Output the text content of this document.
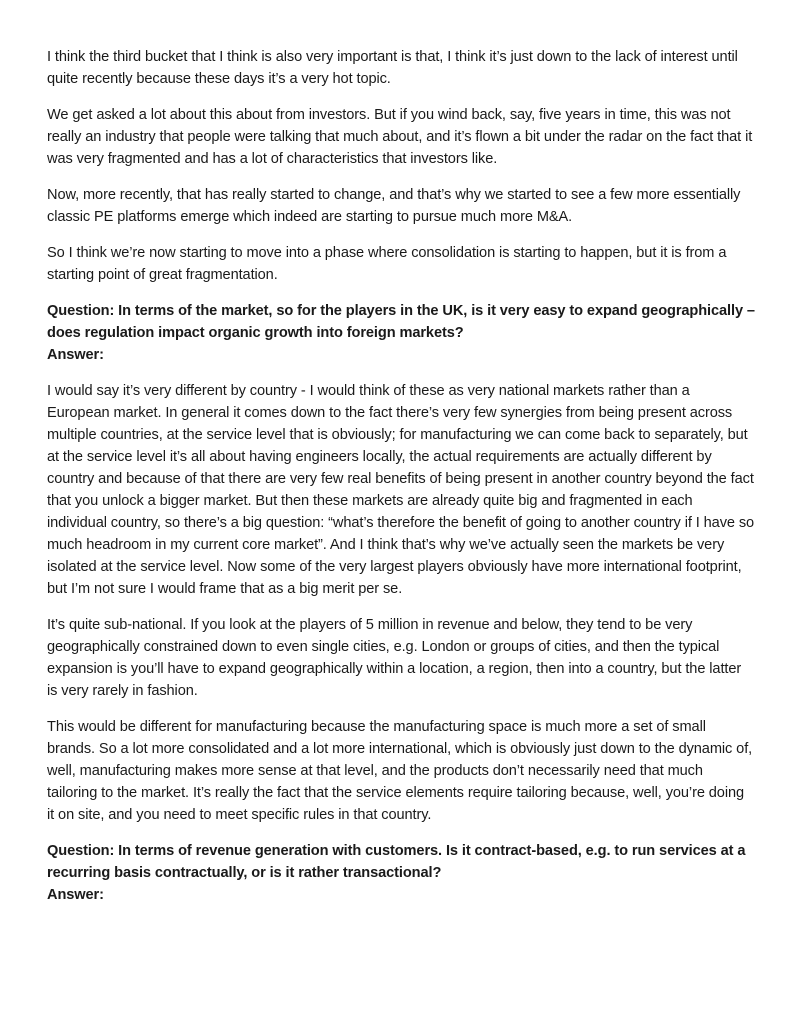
I think the third bucket that I think is also very important is that, I think it’s just down to the lack of interest until quite recently because these days it’s a very hot topic.

We get asked a lot about this about from investors. But if you wind back, say, five years in time, this was not really an industry that people were talking that much about, and it’s flown a bit under the radar on the fact that it was very fragmented and has a lot of characteristics that investors like.

Now, more recently, that has really started to change, and that’s why we started to see a few more essentially classic PE platforms emerge which indeed are starting to pursue much more M&A.

So I think we’re now starting to move into a phase where consolidation is starting to happen, but it is from a starting point of great fragmentation.

Question: In terms of the market, so for the players in the UK, is it very easy to expand geographically – does regulation impact organic growth into foreign markets?
Answer:

I would say it’s very different by country - I would think of these as very national markets rather than a European market. In general it comes down to the fact there’s very few synergies from being present across multiple countries, at the service level that is obviously; for manufacturing we can come back to separately, but at the service level it’s all about having engineers locally, the actual requirements are actually different by country and because of that there are very few real benefits of being present in another country beyond the fact that you unlock a bigger market. But then these markets are already quite big and fragmented in each individual country, so there’s a big question: “what’s therefore the benefit of going to another country if I have so much headroom in my current core market”. And I think that’s why we’ve actually seen the markets be very isolated at the service level. Now some of the very largest players obviously have more international footprint, but I’m not sure I would frame that as a big merit per se.

It’s quite sub-national. If you look at the players of 5 million in revenue and below, they tend to be very geographically constrained down to even single cities, e.g. London or groups of cities, and then the typical expansion is you’ll have to expand geographically within a location, a region, then into a country, but the latter is very rarely in fashion.

This would be different for manufacturing because the manufacturing space is much more a set of small brands. So a lot more consolidated and a lot more international, which is obviously just down to the dynamic of, well, manufacturing makes more sense at that level, and the products don’t necessarily need that much tailoring to the market. It’s really the fact that the service elements require tailoring because, well, you’re doing it on site, and you need to meet specific rules in that country.

Question: In terms of revenue generation with customers. Is it contract-based, e.g. to run services at a recurring basis contractually, or is it rather transactional?
Answer:
